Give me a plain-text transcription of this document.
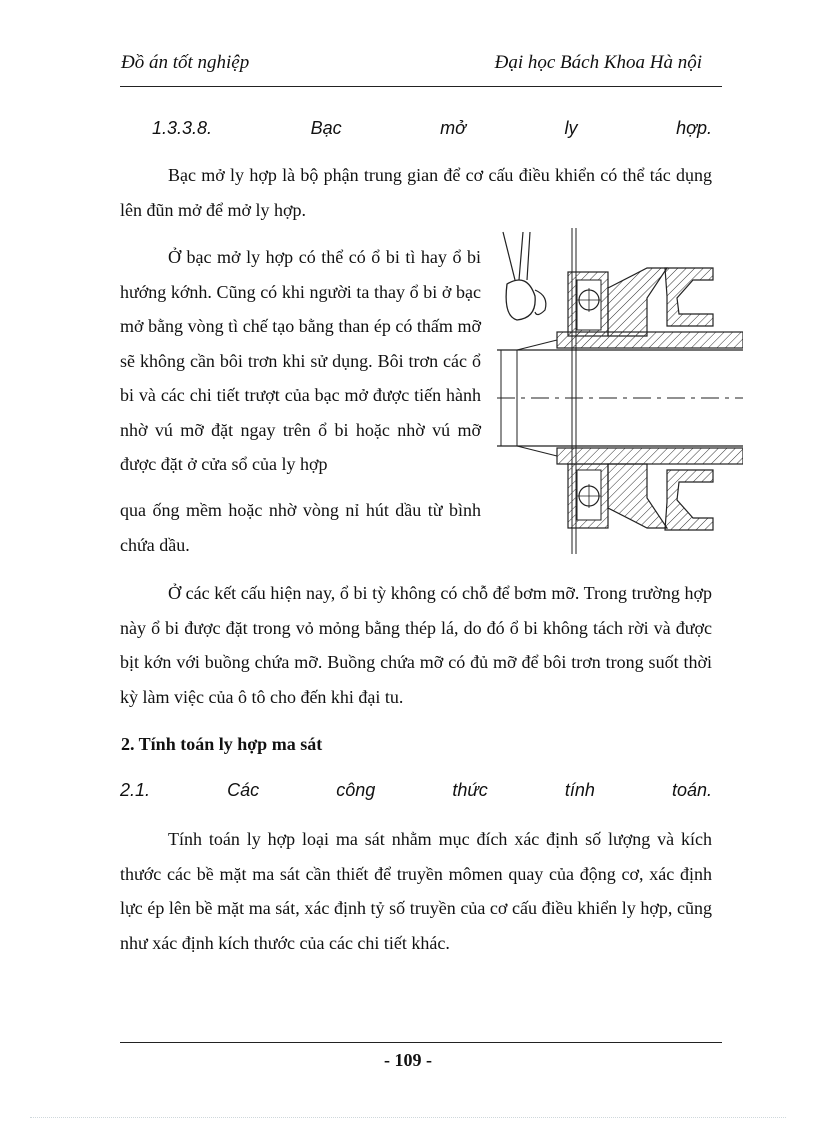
Đồ án tốt nghiệp	Đại học Bách Khoa Hà nội
1.3.3.8.	Bạc	mở	ly	hợp.

Bạc mở ly hợp là bộ phận trung gian để cơ cấu điều khiển có thể tác dụng lên đũn mở để mở ly hợp.

Ở bạc mở ly hợp có thể có ổ bi tì hay ổ bi hướng kớnh. Cũng có khi người ta thay ổ bi ở bạc mở bằng vòng tì chế tạo bằng than ép có thấm mỡ sẽ không cần bôi trơn khi sử dụng. Bôi trơn các ổ bi và các chi tiết trượt của bạc mở được tiến hành nhờ vú mỡ đặt ngay trên ổ bi hoặc nhờ vú mỡ được đặt ở cửa sổ của ly hợp

qua ống mềm hoặc nhờ vòng nỉ hút dầu từ bình chứa dầu.

Ở các kết cấu hiện nay, ổ bi tỳ không có chỗ để bơm mỡ. Trong trường hợp này ổ bi được đặt trong vỏ mỏng bằng thép lá, do đó ổ bi không tách rời và được bịt kớn với buồng chứa mỡ. Buồng chứa mỡ có đủ mỡ để bôi trơn trong suốt thời kỳ làm việc của ô tô cho đến khi đại tu.

2. Tính toán ly hợp ma sát
2.1.	Các	công	thức	tính	toán.

Tính toán ly hợp loại ma sát nhằm mục đích xác định số lượng và kích thước các bề mặt ma sát cần thiết để truyền mômen quay của động cơ, xác định lực ép lên bề mặt ma sát, xác định tỷ số truyền của cơ cấu điều khiển ly hợp, cũng như xác định kích thước của các chi tiết khác.

- 109 -
